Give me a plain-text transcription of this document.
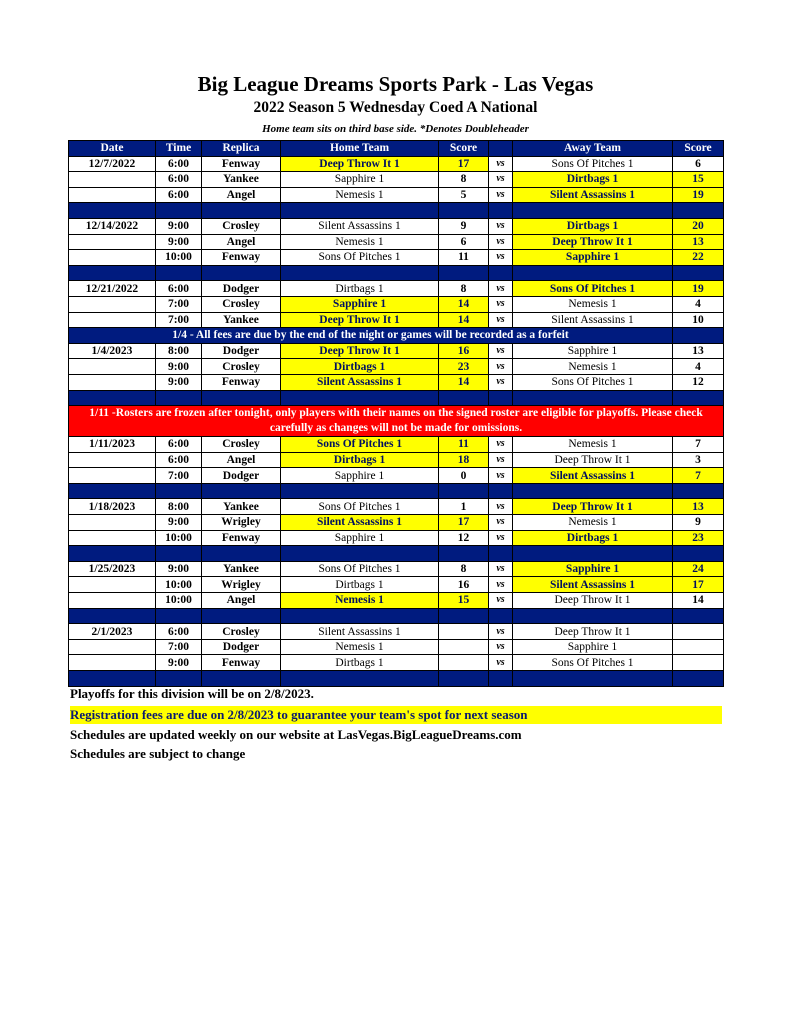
Big League Dreams Sports Park - Las Vegas
2022 Season 5 Wednesday Coed A National
Home team sits on third base side. *Denotes Doubleheader
Date	Time	Replica	Home Team	Score		Away Team	Score
12/7/2022	6:00	Fenway	Deep Throw It 1	17	vs	Sons Of Pitches 1	6
	6:00	Yankee	Sapphire 1	8	vs	Dirtbags 1	15
	6:00	Angel	Nemesis 1	5	vs	Silent Assassins 1	19

12/14/2022	9:00	Crosley	Silent Assassins 1	9	vs	Dirtbags 1	20
	9:00	Angel	Nemesis 1	6	vs	Deep Throw It 1	13
	10:00	Fenway	Sons Of Pitches 1	11	vs	Sapphire 1	22

12/21/2022	6:00	Dodger	Dirtbags 1	8	vs	Sons Of Pitches 1	19
	7:00	Crosley	Sapphire 1	14	vs	Nemesis 1	4
	7:00	Yankee	Deep Throw It 1	14	vs	Silent Assassins 1	10
1/4 - All fees are due by the end of the night or games will be recorded as a forfeit							
1/4/2023	8:00	Dodger	Deep Throw It 1	16	vs	Sapphire 1	13
	9:00	Crosley	Dirtbags 1	23	vs	Nemesis 1	4
	9:00	Fenway	Silent Assassins 1	14	vs	Sons Of Pitches 1	12

1/11 -Rosters are frozen after tonight, only players with their names on the signed roster are eligible for playoffs. Please check carefully as changes will not be made for omissions.							
1/11/2023	6:00	Crosley	Sons Of Pitches 1	11	vs	Nemesis 1	7
	6:00	Angel	Dirtbags 1	18	vs	Deep Throw It 1	3
	7:00	Dodger	Sapphire 1	0	vs	Silent Assassins 1	7

1/18/2023	8:00	Yankee	Sons Of Pitches 1	1	vs	Deep Throw It 1	13
	9:00	Wrigley	Silent Assassins 1	17	vs	Nemesis 1	9
	10:00	Fenway	Sapphire 1	12	vs	Dirtbags 1	23

1/25/2023	9:00	Yankee	Sons Of Pitches 1	8	vs	Sapphire 1	24
	10:00	Wrigley	Dirtbags 1	16	vs	Silent Assassins 1	17
	10:00	Angel	Nemesis 1	15	vs	Deep Throw It 1	14

2/1/2023	6:00	Crosley	Silent Assassins 1		vs	Deep Throw It 1	
	7:00	Dodger	Nemesis 1		vs	Sapphire 1	
	9:00	Fenway	Dirtbags 1		vs	Sons Of Pitches 1	

Playoffs for this division will be on 2/8/2023.
Registration fees are due on 2/8/2023 to guarantee your team's spot for next season
Schedules are updated weekly on our website at LasVegas.BigLeagueDreams.com
Schedules are subject to change
